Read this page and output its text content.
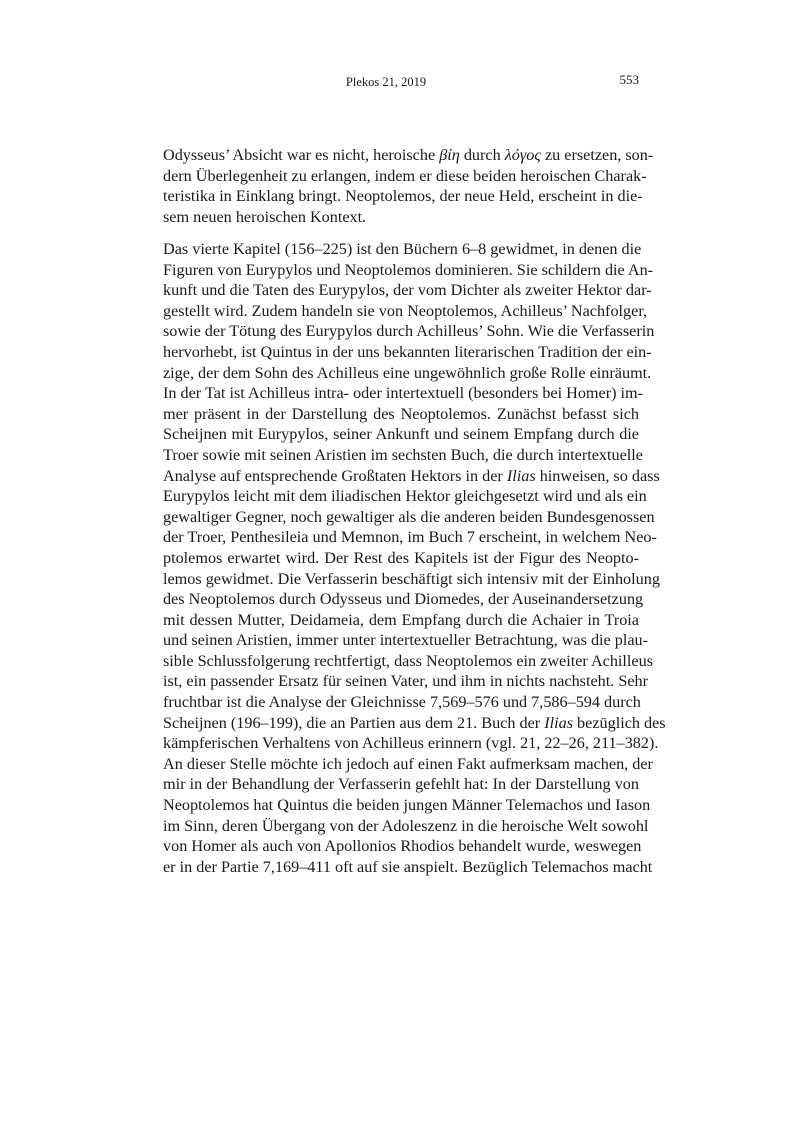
Plekos 21, 2019	553
Odysseus’ Absicht war es nicht, heroische βίη durch λόγος zu ersetzen, son-
dern Überlegenheit zu erlangen, indem er diese beiden heroischen Charak-
teristika in Einklang bringt. Neoptolemos, der neue Held, erscheint in die-
sem neuen heroischen Kontext.
Das vierte Kapitel (156–225) ist den Büchern 6–8 gewidmet, in denen die
Figuren von Eurypylos und Neoptolemos dominieren. Sie schildern die An-
kunft und die Taten des Eurypylos, der vom Dichter als zweiter Hektor dar-
gestellt wird. Zudem handeln sie von Neoptolemos, Achilleus’ Nachfolger,
sowie der Tötung des Eurypylos durch Achilleus’ Sohn. Wie die Verfasserin
hervorhebt, ist Quintus in der uns bekannten literarischen Tradition der ein-
zige, der dem Sohn des Achilleus eine ungewöhnlich große Rolle einräumt.
In der Tat ist Achilleus intra- oder intertextuell (besonders bei Homer) im-
mer präsent in der Darstellung des Neoptolemos. Zunächst befasst sich
Scheijnen mit Eurypylos, seiner Ankunft und seinem Empfang durch die
Troer sowie mit seinen Aristien im sechsten Buch, die durch intertextuelle
Analyse auf entsprechende Großtaten Hektors in der Ilias hinweisen, so dass
Eurypylos leicht mit dem iliadischen Hektor gleichgesetzt wird und als ein
gewaltiger Gegner, noch gewaltiger als die anderen beiden Bundesgenossen
der Troer, Penthesileia und Memnon, im Buch 7 erscheint, in welchem Neo-
ptolemos erwartet wird. Der Rest des Kapitels ist der Figur des Neopto-
lemos gewidmet. Die Verfasserin beschäftigt sich intensiv mit der Einholung
des Neoptolemos durch Odysseus und Diomedes, der Auseinandersetzung
mit dessen Mutter, Deidameia, dem Empfang durch die Achaier in Troia
und seinen Aristien, immer unter intertextueller Betrachtung, was die plau-
sible Schlussfolgerung rechtfertigt, dass Neoptolemos ein zweiter Achilleus
ist, ein passender Ersatz für seinen Vater, und ihm in nichts nachsteht. Sehr
fruchtbar ist die Analyse der Gleichnisse 7,569–576 und 7,586–594 durch
Scheijnen (196–199), die an Partien aus dem 21. Buch der Ilias bezüglich des
kämpferischen Verhaltens von Achilleus erinnern (vgl. 21, 22–26, 211–382).
An dieser Stelle möchte ich jedoch auf einen Fakt aufmerksam machen, der
mir in der Behandlung der Verfasserin gefehlt hat: In der Darstellung von
Neoptolemos hat Quintus die beiden jungen Männer Telemachos und Iason
im Sinn, deren Übergang von der Adoleszenz in die heroische Welt sowohl
von Homer als auch von Apollonios Rhodios behandelt wurde, weswegen
er in der Partie 7,169–411 oft auf sie anspielt. Bezüglich Telemachos macht
